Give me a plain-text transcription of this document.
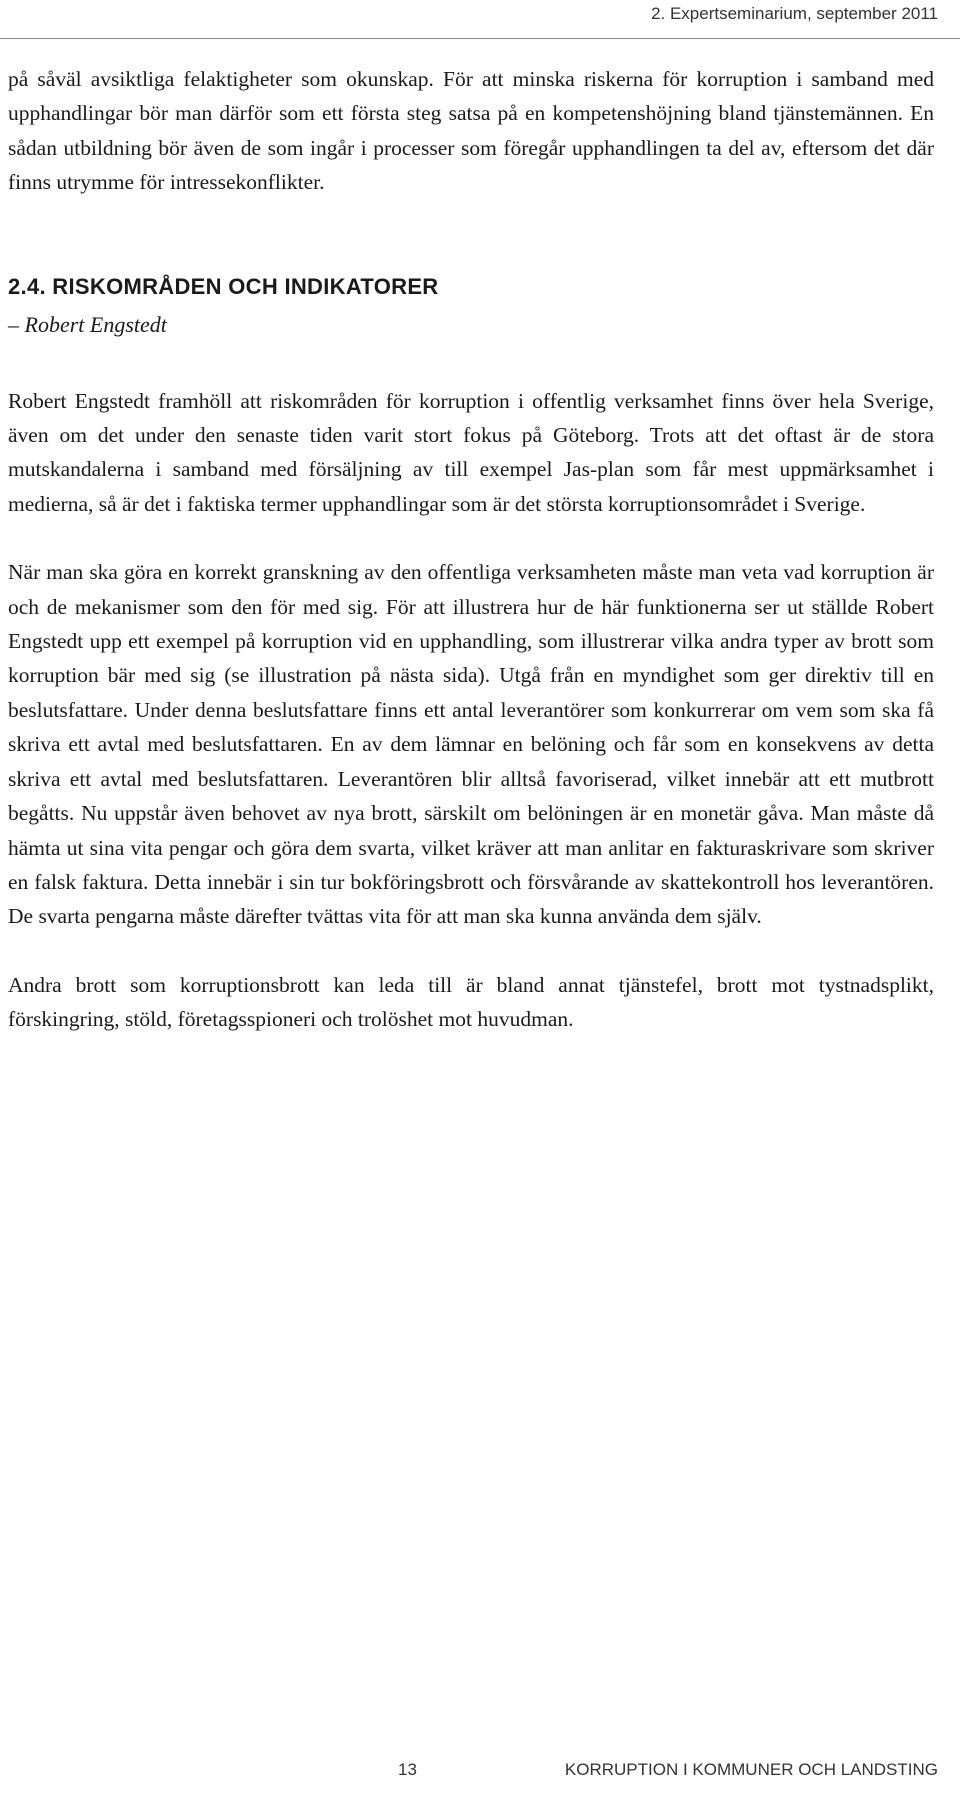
2. Expertseminarium, september 2011

på såväl avsiktliga felaktigheter som okunskap. För att minska riskerna för korruption i samband med upphandlingar bör man därför som ett första steg satsa på en kompetenshöjning bland tjänstemännen. En sådan utbildning bör även de som ingår i processer som föregår upphandlingen ta del av, eftersom det där finns utrymme för intressekonflikter.

2.4. RISKOMRÅDEN OCH INDIKATORER
– Robert Engstedt

Robert Engstedt framhöll att riskområden för korruption i offentlig verksamhet finns över hela Sverige, även om det under den senaste tiden varit stort fokus på Göteborg. Trots att det oftast är de stora mutskandalerna i samband med försäljning av till exempel Jas-plan som får mest uppmärksamhet i medierna, så är det i faktiska termer upphandlingar som är det största korruptionsområdet i Sverige.

När man ska göra en korrekt granskning av den offentliga verksamheten måste man veta vad korruption är och de mekanismer som den för med sig. För att illustrera hur de här funktionerna ser ut ställde Robert Engstedt upp ett exempel på korruption vid en upphandling, som illustrerar vilka andra typer av brott som korruption bär med sig (se illustration på nästa sida). Utgå från en myndighet som ger direktiv till en beslutsfattare. Under denna beslutsfattare finns ett antal leverantörer som konkurrerar om vem som ska få skriva ett avtal med beslutsfattaren. En av dem lämnar en belöning och får som en konsekvens av detta skriva ett avtal med beslutsfattaren. Leverantören blir alltså favoriserad, vilket innebär att ett mutbrott begåtts. Nu uppstår även behovet av nya brott, särskilt om belöningen är en monetär gåva. Man måste då hämta ut sina vita pengar och göra dem svarta, vilket kräver att man anlitar en fakturaskrivare som skriver en falsk faktura. Detta innebär i sin tur bokföringsbrott och försvårande av skattekontroll hos leverantören. De svarta pengarna måste därefter tvättas vita för att man ska kunna använda dem själv.

Andra brott som korruptionsbrott kan leda till är bland annat tjänstefel, brott mot tystnadsplikt, förskingring, stöld, företagsspioneri och trolöshet mot huvudman.

13	KORRUPTION I KOMMUNER OCH LANDSTING
